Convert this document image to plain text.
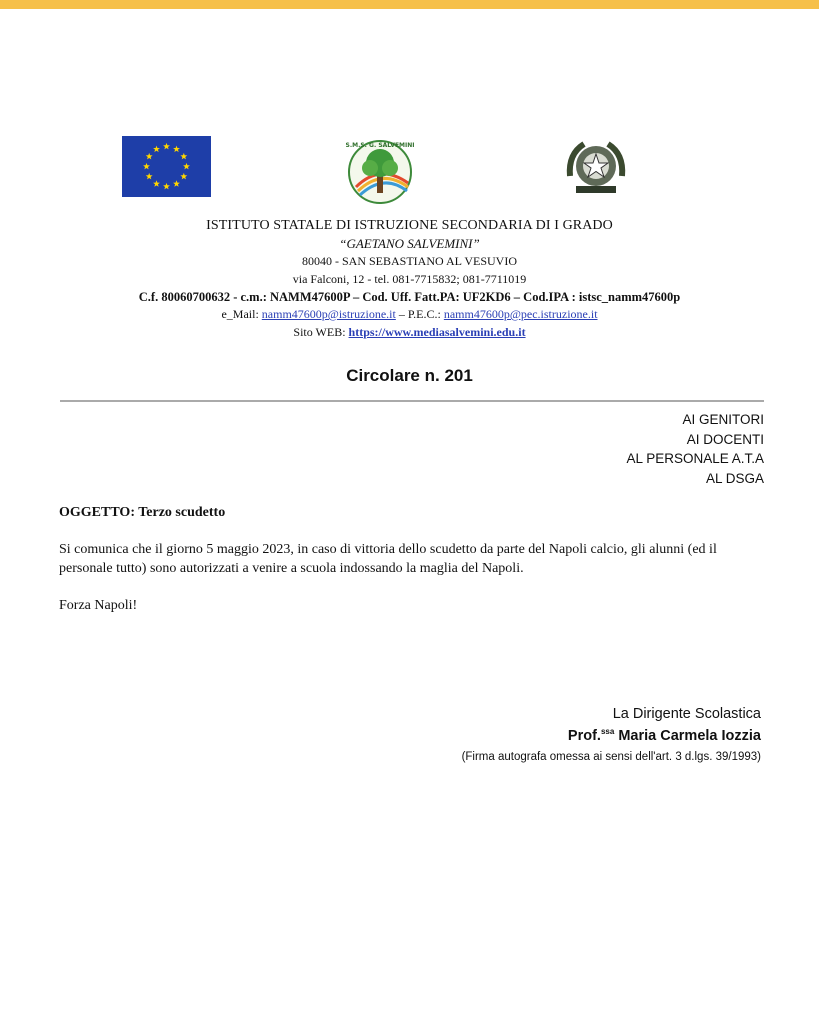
S.M.S. G. SALVEMINI
ISTITUTO STATALE DI ISTRUZIONE SECONDARIA DI I GRADO
“GAETANO SALVEMINI”
80040 - SAN SEBASTIANO AL VESUVIO
via Falconi, 12 - tel. 081-7715832; 081-7711019
C.f. 80060700632 - c.m.: NAMM47600P – Cod. Uff. Fatt.PA: UF2KD6 – Cod.IPA : istsc_namm47600p
e_Mail: namm47600p@istruzione.it – P.E.C.: namm47600p@pec.istruzione.it
Sito WEB: https://www.mediasalvemini.edu.it
Circolare n. 201
AI GENITORI
AI DOCENTI
AL PERSONALE A.T.A
AL DSGA
OGGETTO: Terzo scudetto
Si comunica che il giorno 5 maggio 2023, in caso di vittoria dello scudetto da parte del Napoli calcio, gli alunni (ed il personale tutto) sono autorizzati a venire a scuola indossando la maglia del Napoli.
Forza Napoli!
La Dirigente Scolastica
Prof.$^{ssa}$ Maria Carmela Iozzia
(Firma autografa omessa ai sensi dell'art. 3 d.lgs. 39/1993)
